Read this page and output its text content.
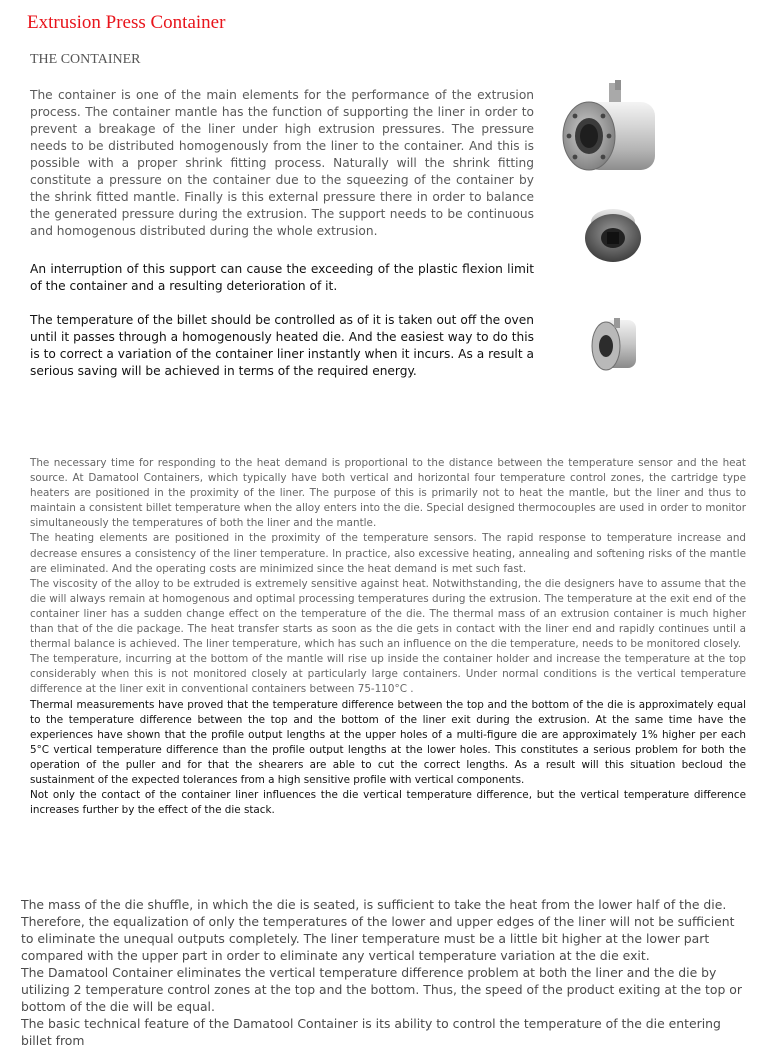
Extrusion Press Container
THE CONTAINER

The container is one of the main elements for the performance of the extrusion process. The container mantle has the function of supporting the liner in order to prevent a breakage of the liner under high extrusion pressures. The pressure needs to be distributed homogenously from the liner to the container. And this is possible with a proper shrink fitting process. Naturally will the shrink fitting constitute a pressure on the container due to the squeezing of the container by the shrink fitted mantle. Finally is this external pressure there in order to balance the generated pressure during the extrusion. The support needs to be continuous and homogenous distributed during the whole extrusion.

An interruption of this support can cause the exceeding of the plastic flexion limit of the container and a resulting deterioration of it.

The temperature of the billet should be controlled as of it is taken out off the oven until it passes through a homogenously heated die. And the easiest way to do this is to correct a variation of the container liner instantly when it incurs. As a result a serious saving will be achieved in terms of the required energy.

The necessary time for responding to the heat demand is proportional to the distance between the temperature sensor and the heat source. At Damatool Containers, which typically have both vertical and horizontal four temperature control zones, the cartridge type heaters are positioned in the proximity of the liner. The purpose of this is primarily not to heat the mantle, but the liner and thus to maintain a consistent billet temperature when the alloy enters into the die. Special designed thermocouples are used in order to monitor simultaneously the temperatures of both the liner and the mantle.

The heating elements are positioned in the proximity of the temperature sensors. The rapid response to temperature increase and decrease ensures a consistency of the liner temperature. In practice, also excessive heating, annealing and softening risks of the mantle are eliminated. And the operating costs are minimized since the heat demand is met such fast.

The viscosity of the alloy to be extruded is extremely sensitive against heat. Notwithstanding, the die designers have to assume that the die will always remain at homogenous and optimal processing temperatures during the extrusion. The temperature at the exit end of the container liner has a sudden change effect on the temperature of the die. The thermal mass of an extrusion container is much higher than that of the die package. The heat transfer starts as soon as the die gets in contact with the liner end and rapidly continues until a thermal balance is achieved. The liner temperature, which has such an influence on the die temperature, needs to be monitored closely.

The temperature, incurring at the bottom of the mantle will rise up inside the container holder and increase the temperature at the top considerably when this is not monitored closely at particularly large containers. Under normal conditions is the vertical temperature difference at the liner exit in conventional containers between 75-110°C .

Thermal measurements have proved that the temperature difference between the top and the bottom of the die is approximately equal to the temperature difference between the top and the bottom of the liner exit during the extrusion. At the same time have the experiences have shown that the profile output lengths at the upper holes of a multi-figure die are approximately 1% higher per each 5°C vertical temperature difference than the profile output lengths at the lower holes. This constitutes a serious problem for both the operation of the puller and for that the shearers are able to cut the correct lengths. As a result will this situation becloud the sustainment of the expected tolerances from a high sensitive profile with vertical components.

Not only the contact of the container liner influences the die vertical temperature difference, but the vertical temperature difference increases further by the effect of the die stack.

The mass of the die shuffle, in which the die is seated, is sufficient to take the heat from the lower half of the die. Therefore, the equalization of only the temperatures of the lower and upper edges of the liner will not be sufficient to eliminate the unequal outputs completely. The liner temperature must be a little bit higher at the lower part compared with the upper part in order to eliminate any vertical temperature variation at the die exit.

The Damatool Container eliminates the vertical temperature difference problem at both the liner and the die by utilizing 2 temperature control zones at the top and the bottom. Thus, the speed of the product exiting at the top or bottom of the die will be equal.

The basic technical feature of the Damatool Container is its ability to control the temperature of the die entering billet from
